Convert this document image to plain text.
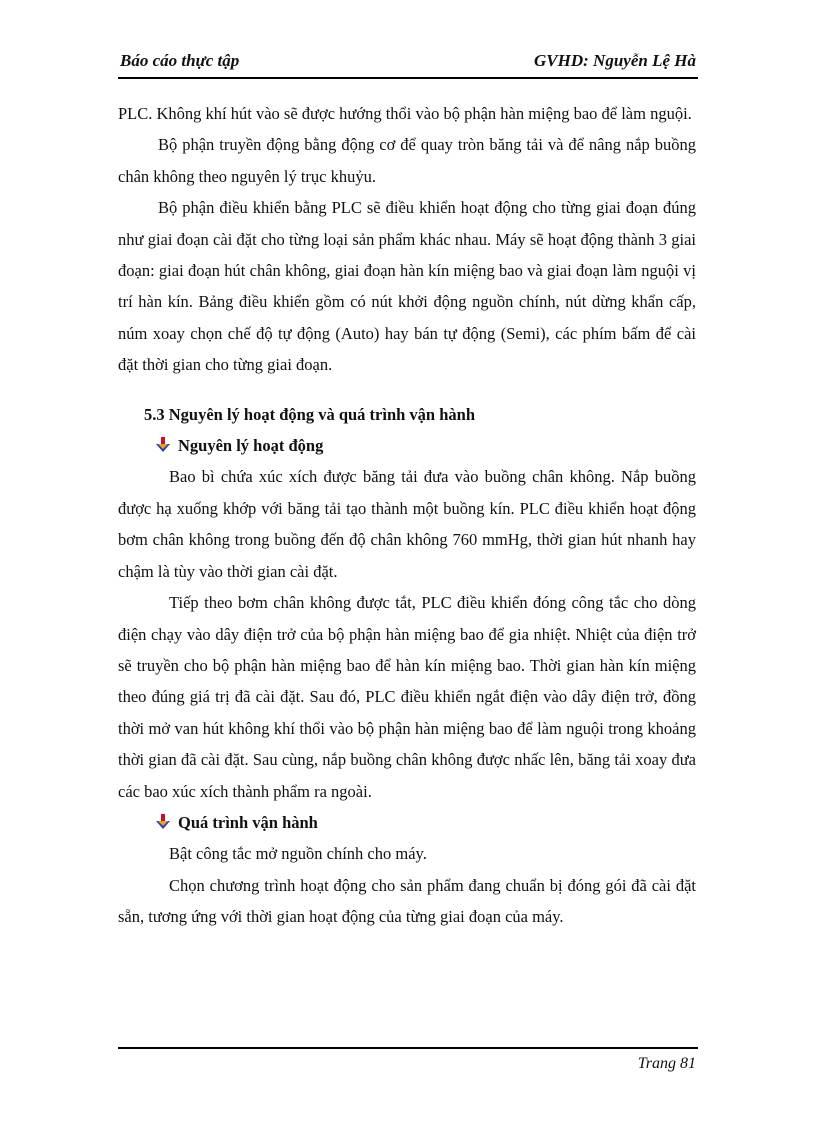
Báo cáo thực tập	GVHD: Nguyễn Lệ Hà

PLC. Không khí hút vào sẽ được hướng thổi vào bộ phận hàn miệng bao để làm nguội.

Bộ phận truyền động bằng động cơ để quay tròn băng tải và để nâng nắp buồng chân không theo nguyên lý trục khuỷu.

Bộ phận điều khiển bằng PLC sẽ điều khiển hoạt động cho từng giai đoạn đúng như giai đoạn cài đặt cho từng loại sản phẩm khác nhau. Máy sẽ hoạt động thành 3 giai đoạn: giai đoạn hút chân không, giai đoạn hàn kín miệng bao và giai đoạn làm nguội vị trí hàn kín. Bảng điều khiển gồm có nút khởi động nguồn chính, nút dừng khẩn cấp, núm xoay chọn chế độ tự động (Auto) hay bán tự động (Semi), các phím bấm để cài đặt thời gian cho từng giai đoạn.

5.3 Nguyên lý hoạt động và quá trình vận hành
Nguyên lý hoạt động

Bao bì chứa xúc xích được băng tải đưa vào buồng chân không. Nắp buồng được hạ xuống khớp với băng tải tạo thành một buồng kín. PLC điều khiển hoạt động bơm chân không trong buồng đến độ chân không 760 mmHg, thời gian hút nhanh hay chậm là tùy vào thời gian cài đặt.

Tiếp theo bơm chân không được tắt, PLC điều khiển đóng công tắc cho dòng điện chạy vào dây điện trở của bộ phận hàn miệng bao để gia nhiệt. Nhiệt của điện trở sẽ truyền cho bộ phận hàn miệng bao để hàn kín miệng bao. Thời gian hàn kín miệng theo đúng giá trị đã cài đặt. Sau đó, PLC điều khiển ngắt điện vào dây điện trở, đồng thời mở van hút không khí thổi vào bộ phận hàn miệng bao để làm nguội trong khoảng thời gian đã cài đặt. Sau cùng, nắp buồng chân không được nhấc lên, băng tải xoay đưa các bao xúc xích thành phẩm ra ngoài.

Quá trình vận hành

Bật công tắc mở nguồn chính cho máy.

Chọn chương trình hoạt động cho sản phẩm đang chuẩn bị đóng gói đã cài đặt sẵn, tương ứng với thời gian hoạt động của từng giai đoạn của máy.

Trang 81
